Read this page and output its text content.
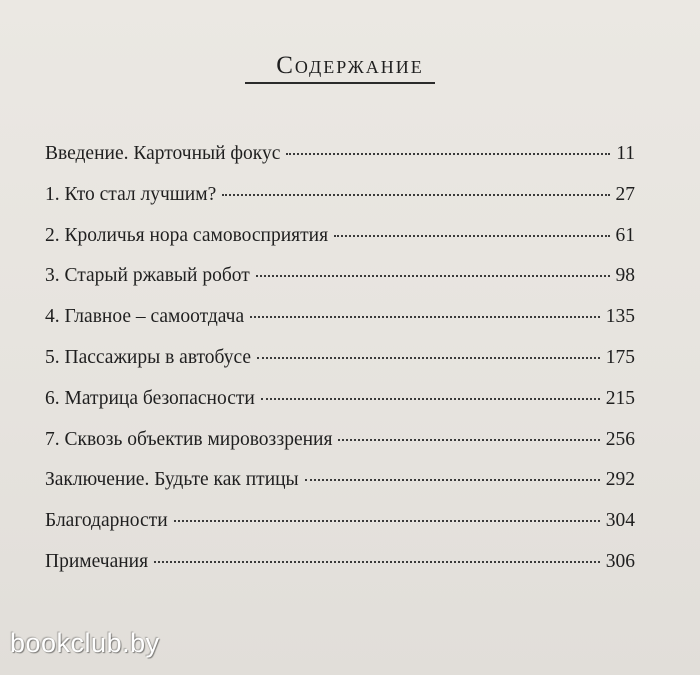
Содержание
Введение. Карточный фокус	11
1. Кто стал лучшим?	27
2. Кроличья нора самовосприятия	61
3. Старый ржавый робот	98
4. Главное – самоотдача	135
5. Пассажиры в автобусе	175
6. Матрица безопасности	215
7. Сквозь объектив мировоззрения	256
Заключение. Будьте как птицы	292
Благодарности	304
Примечания	306
bookclub.by
